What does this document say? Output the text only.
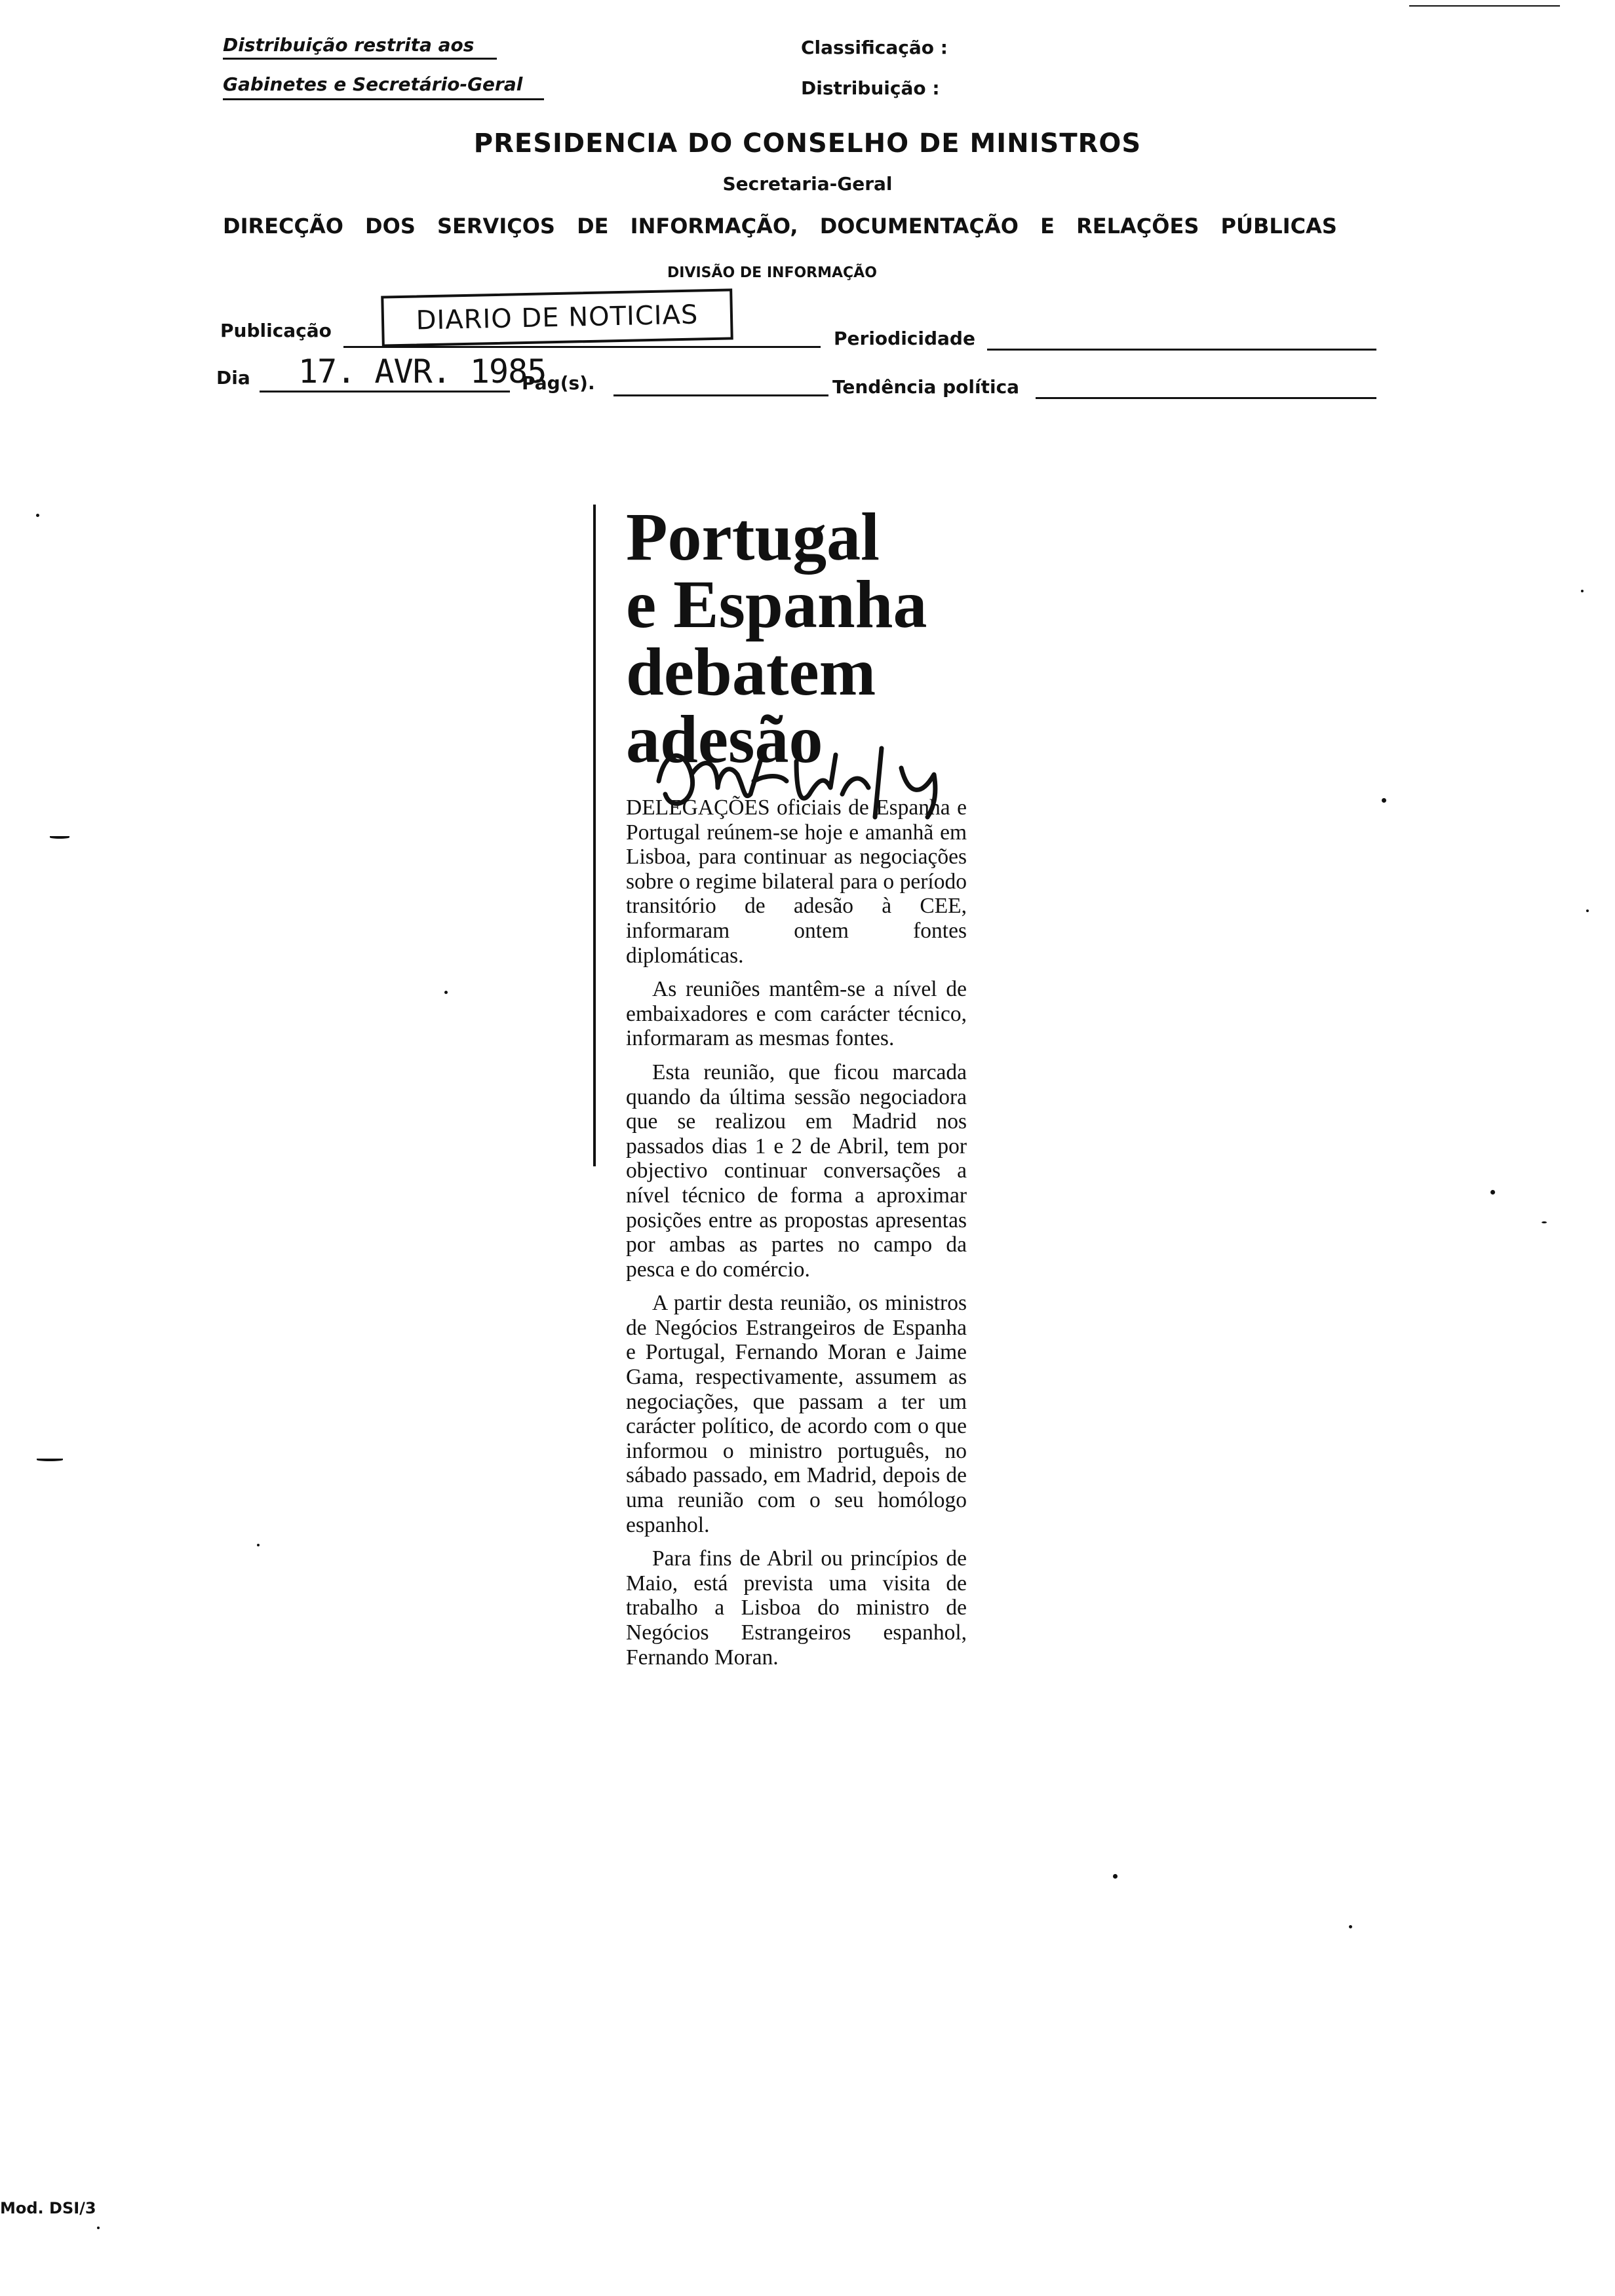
Distribuição restrita aos
Gabinetes e Secretário-Geral
Classificação :
Distribuição :
PRESIDENCIA DO CONSELHO DE MINISTROS
Secretaria-Geral
DIRECÇÃO DOS SERVIÇOS DE INFORMAÇÃO, DOCUMENTAÇÃO E RELAÇÕES PÚBLICAS
DIVISÃO DE INFORMAÇÃO
Publicação	DIARIO DE NOTICIAS
Periodicidade
Dia 17. AVR. 1985
Pág(s).	Tendência política
Portugal
e Espanha
debatem
adesão

DELEGAÇÕES oficiais de Espanha e Portugal reúnem-se hoje e amanhã em Lisboa, para continuar as negociações sobre o regime bilateral para o período transitório de adesão à CEE, informaram ontem fontes diplomáticas.

As reuniões mantêm-se a nível de embaixadores e com carácter técnico, informaram as mesmas fontes.

Esta reunião, que ficou marcada quando da última sessão negociadora que se realizou em Madrid nos passados dias 1 e 2 de Abril, tem por objectivo continuar conversações a nível técnico de forma a aproximar posições entre as propostas apresentas por ambas as partes no campo da pesca e do comércio.

A partir desta reunião, os ministros de Negócios Estrangeiros de Espanha e Portugal, Fernando Moran e Jaime Gama, respectivamente, assumem as negociações, que passam a ter um carácter político, de acordo com o que informou o ministro português, no sábado passado, em Madrid, depois de uma reunião com o seu homólogo espanhol.

Para fins de Abril ou princípios de Maio, está prevista uma visita de trabalho a Lisboa do ministro de Negócios Estrangeiros espanhol, Fernando Moran.

Mod. DSI/3
